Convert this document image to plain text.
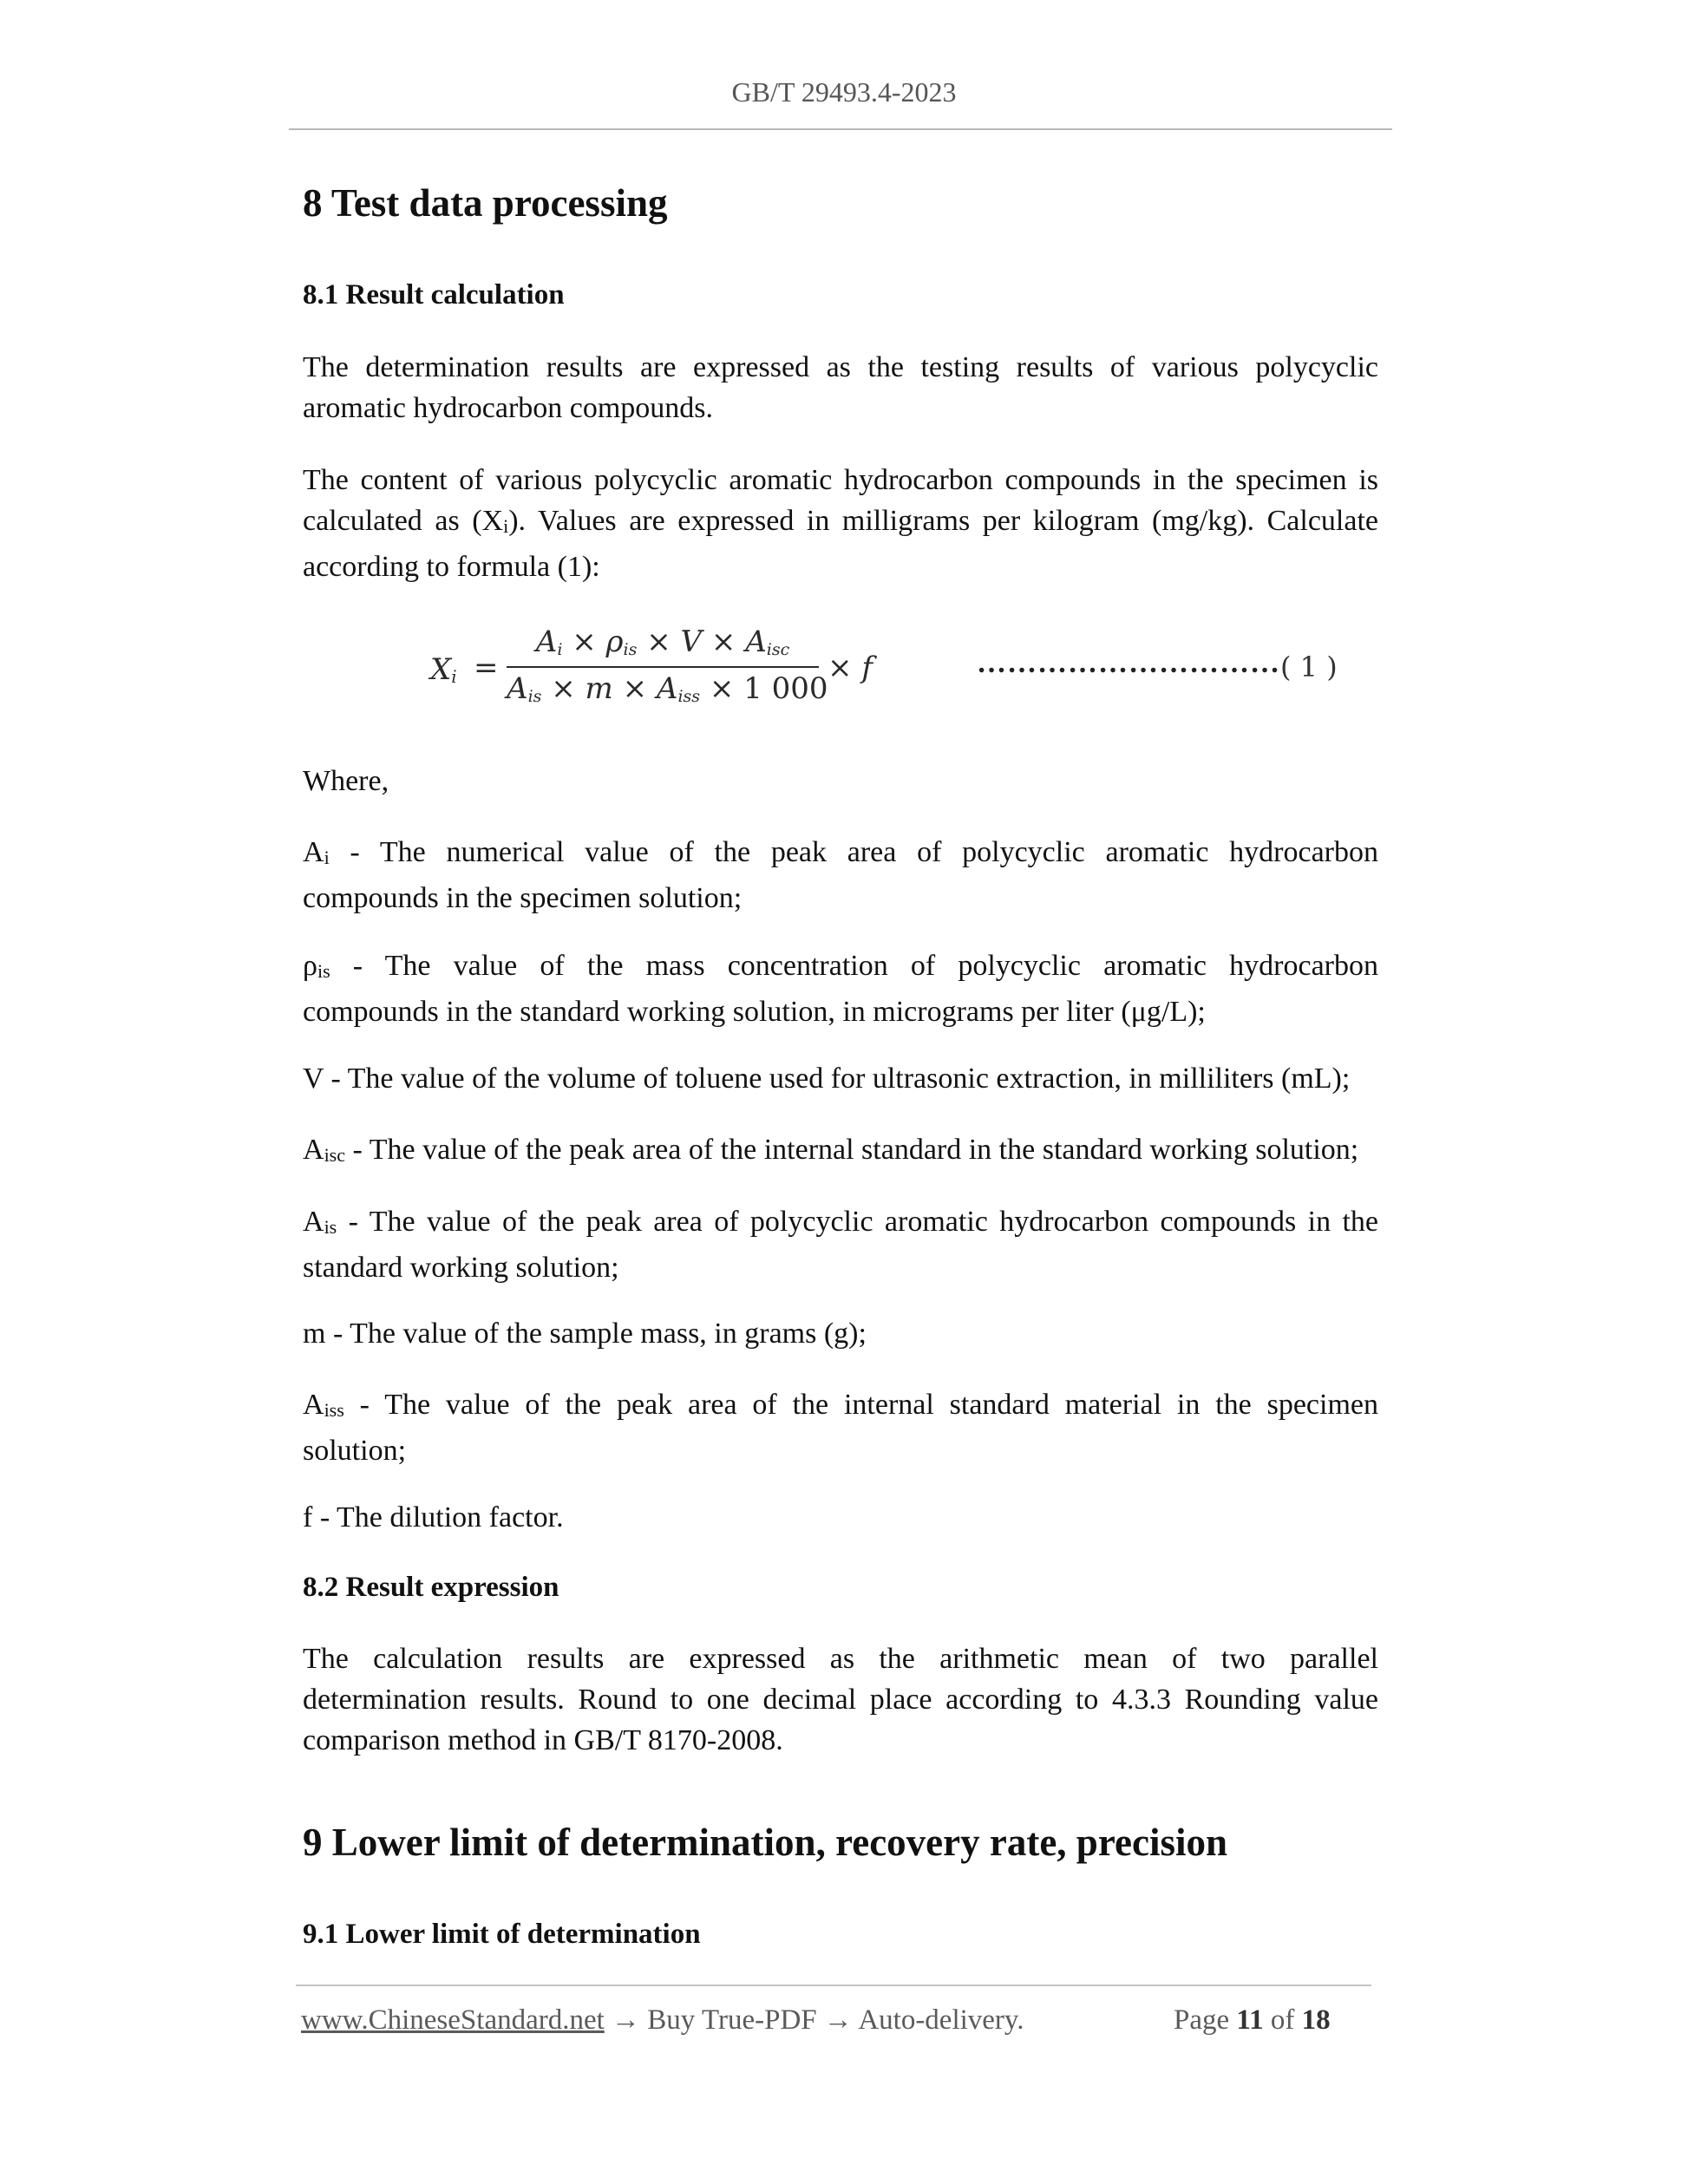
GB/T 29493.4-2023
8 Test data processing
8.1 Result calculation
The determination results are expressed as the testing results of various polycyclic
aromatic hydrocarbon compounds.
The content of various polycyclic aromatic hydrocarbon compounds in the specimen is
calculated as (Xi). Values are expressed in milligrams per kilogram (mg/kg). Calculate
according to formula (1):
Xi =
Ai × ρis × V × Aisc
Ais × m × Aiss × 1 000
× f	………………………… ( 1 )
Where,
Ai - The numerical value of the peak area of polycyclic aromatic hydrocarbon
compounds in the specimen solution;
ρis - The value of the mass concentration of polycyclic aromatic hydrocarbon
compounds in the standard working solution, in micrograms per liter (μg/L);
V - The value of the volume of toluene used for ultrasonic extraction, in milliliters (mL);
Aisc - The value of the peak area of the internal standard in the standard working solution;
Ais - The value of the peak area of polycyclic aromatic hydrocarbon compounds in the
standard working solution;
m - The value of the sample mass, in grams (g);
Aiss - The value of the peak area of the internal standard material in the specimen
solution;
f - The dilution factor.
8.2 Result expression
The calculation results are expressed as the arithmetic mean of two parallel
determination results. Round to one decimal place according to 4.3.3 Rounding value
comparison method in GB/T 8170-2008.
9 Lower limit of determination, recovery rate, precision
9.1 Lower limit of determination
www.ChineseStandard.net → Buy True-PDF → Auto-delivery.	Page 11 of 18
